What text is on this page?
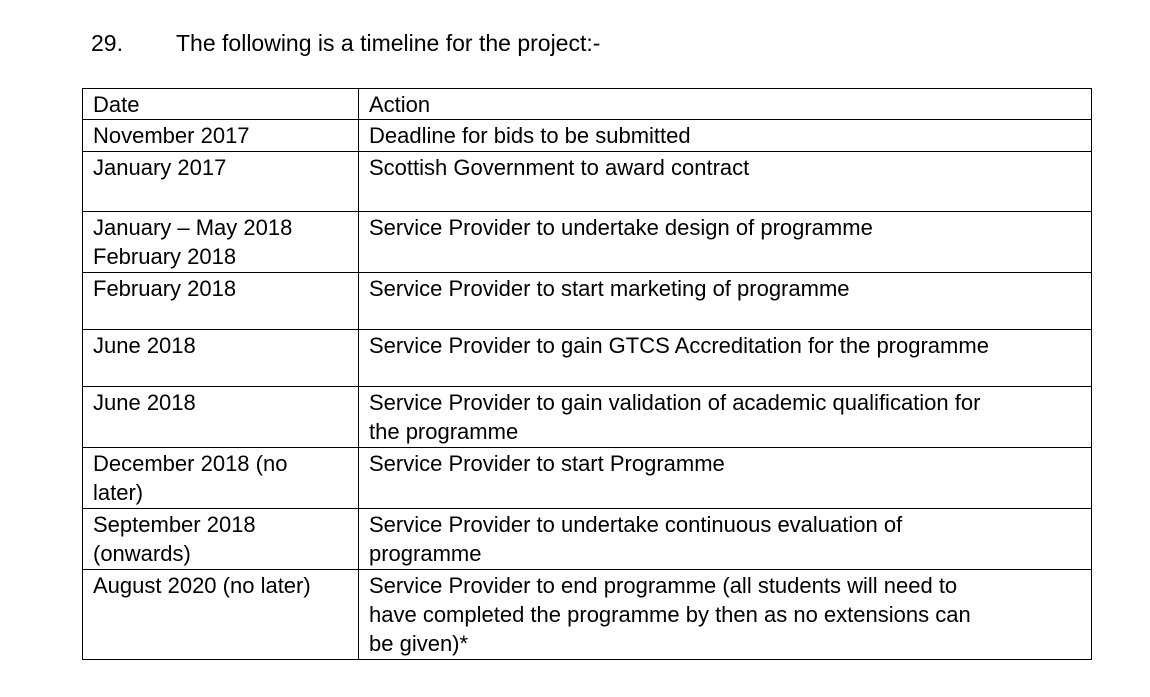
29.	The following is a timeline for the project:-
Date	Action

November 2017	Deadline for bids to be submitted

January 2017	Scottish Government to award contract

January – May 2018
February 2018	Service Provider to undertake design of programme

February 2018	Service Provider to start marketing of programme

June 2018	Service Provider to gain GTCS Accreditation for the programme

June 2018	Service Provider to gain validation of academic qualification for
the programme

December 2018 (no
later)	Service Provider to start Programme

September 2018
(onwards)	Service Provider to undertake continuous evaluation of
programme

August 2020 (no later)	Service Provider to end programme (all students will need to
have completed the programme by then as no extensions can
be given)*
